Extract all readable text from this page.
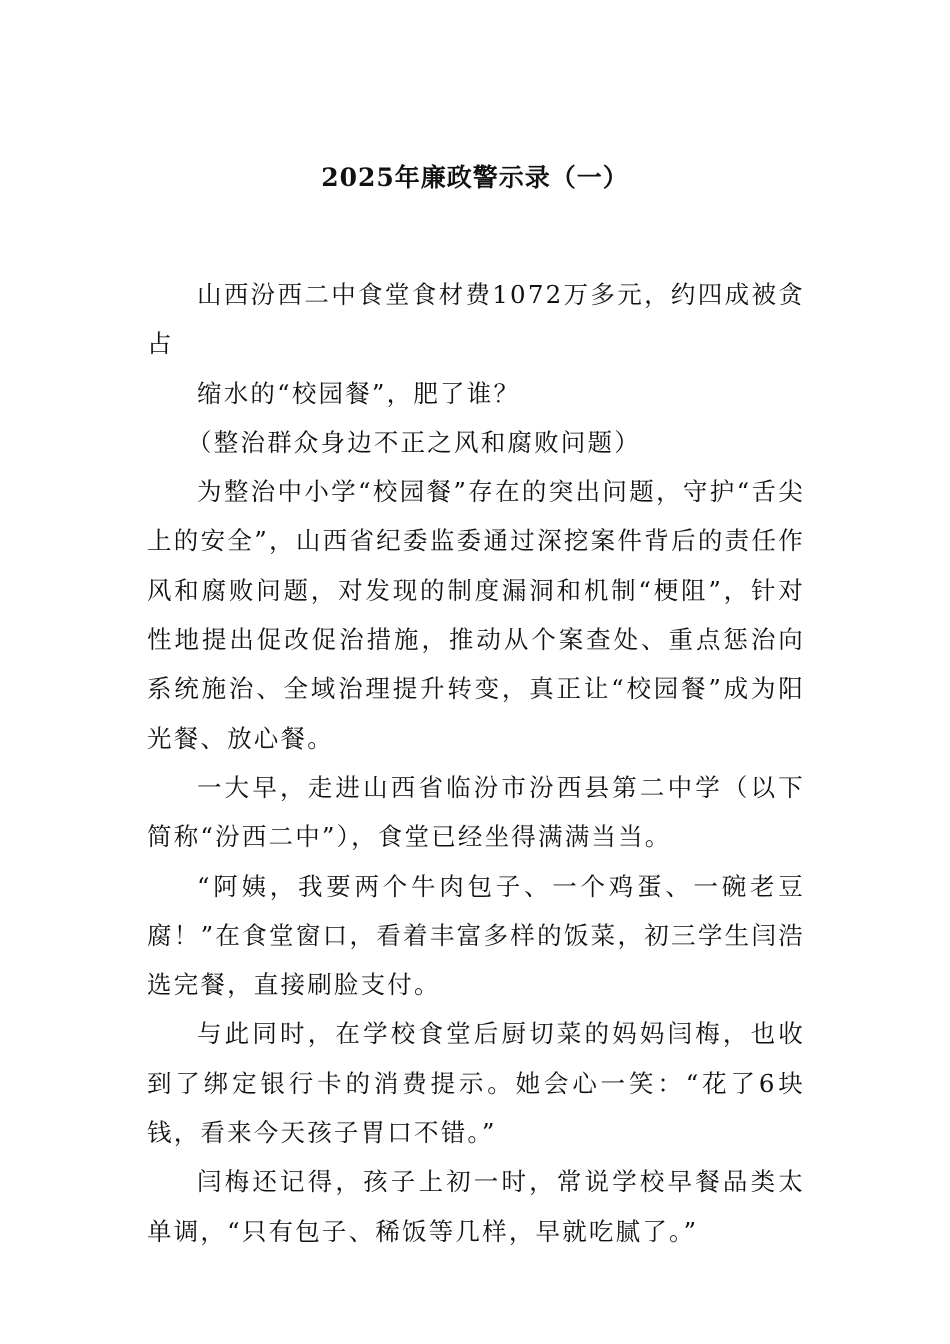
2025年廉政警示录（一）

山西汾西二中食堂食材费1072万多元，约四成被贪占

缩水的“校园餐”，肥了谁？

（整治群众身边不正之风和腐败问题）

为整治中小学“校园餐”存在的突出问题，守护“舌尖上的安全”，山西省纪委监委通过深挖案件背后的责任作风和腐败问题，对发现的制度漏洞和机制“梗阻”，针对性地提出促改促治措施，推动从个案查处、重点惩治向系统施治、全域治理提升转变，真正让“校园餐”成为阳光餐、放心餐。

一大早，走进山西省临汾市汾西县第二中学（以下简称“汾西二中”），食堂已经坐得满满当当。

“阿姨，我要两个牛肉包子、一个鸡蛋、一碗老豆腐！”在食堂窗口，看着丰富多样的饭菜，初三学生闫浩选完餐，直接刷脸支付。

与此同时，在学校食堂后厨切菜的妈妈闫梅，也收到了绑定银行卡的消费提示。她会心一笑：“花了6块钱，看来今天孩子胃口不错。”

闫梅还记得，孩子上初一时，常说学校早餐品类太单调，“只有包子、稀饭等几样，早就吃腻了。”
